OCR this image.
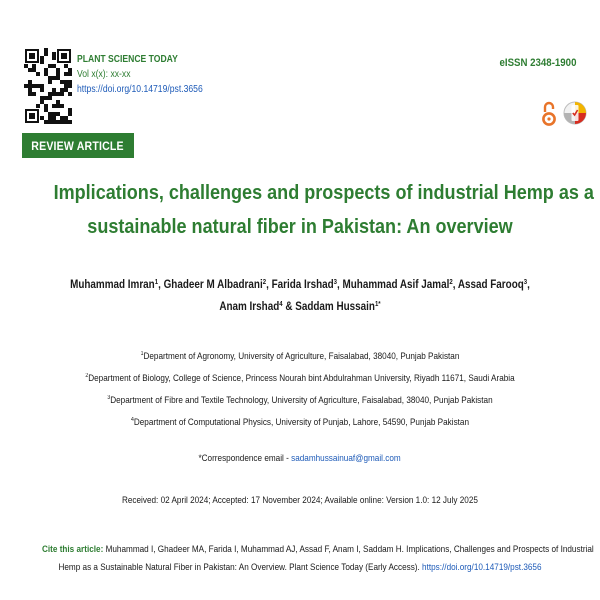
PLANT SCIENCE TODAY
Vol x(x): xx-xx
https://doi.org/10.14719/pst.3656
eISSN 2348-1900
REVIEW ARTICLE
Implications, challenges and prospects of industrial Hemp as a
sustainable natural fiber in Pakistan: An overview
Muhammad Imran$^1$, Ghadeer M Albadrani$^2$, Farida Irshad$^3$, Muhammad Asif Jamal$^2$, Assad Farooq$^3$,
Anam Irshad$^4$ & Saddam Hussain$^{1*}$
$^1$Department of Agronomy, University of Agriculture, Faisalabad, 38040, Punjab Pakistan
$^2$Department of Biology, College of Science, Princess Nourah bint Abdulrahman University, Riyadh 11671, Saudi Arabia
$^3$Department of Fibre and Textile Technology, University of Agriculture, Faisalabad, 38040, Punjab Pakistan
$^4$Department of Computational Physics, University of Punjab, Lahore, 54590, Punjab Pakistan
*Correspondence email - sadamhussainuaf@gmail.com
Received: 02 April 2024; Accepted: 17 November 2024; Available online: Version 1.0: 12 July 2025
Cite this article: Muhammad I, Ghadeer MA, Farida I, Muhammad AJ, Assad F, Anam I, Saddam H. Implications, Challenges and Prospects of Industrial
Hemp as a Sustainable Natural Fiber in Pakistan: An Overview. Plant Science Today (Early Access). https://doi.org/10.14719/pst.3656
